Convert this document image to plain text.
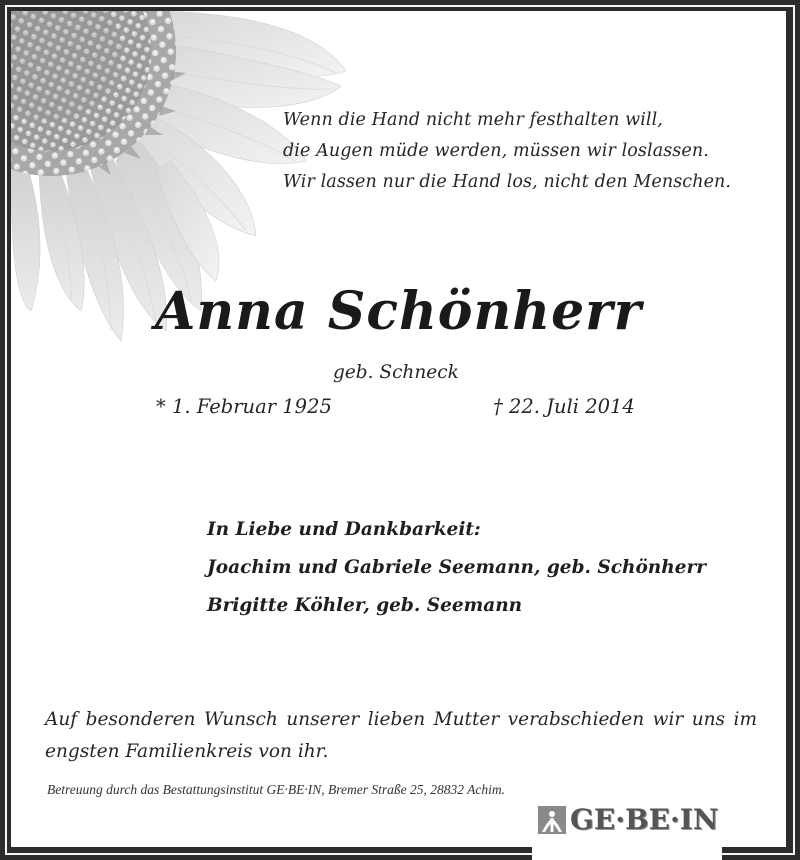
Wenn die Hand nicht mehr festhalten will,
die Augen müde werden, müssen wir loslassen.
Wir lassen nur die Hand los, nicht den Menschen.
Anna Schönherr
geb. Schneck
* 1. Februar 1925	† 22. Juli 2014
In Liebe und Dankbarkeit:
Joachim und Gabriele Seemann, geb. Schönherr
Brigitte Köhler, geb. Seemann
Auf besonderen Wunsch unserer lieben Mutter verabschieden wir uns im engsten Familienkreis von ihr.
Betreuung durch das Bestattungsinstitut GE·BE·IN, Bremer Straße 25, 28832 Achim.
GE·BE·IN
